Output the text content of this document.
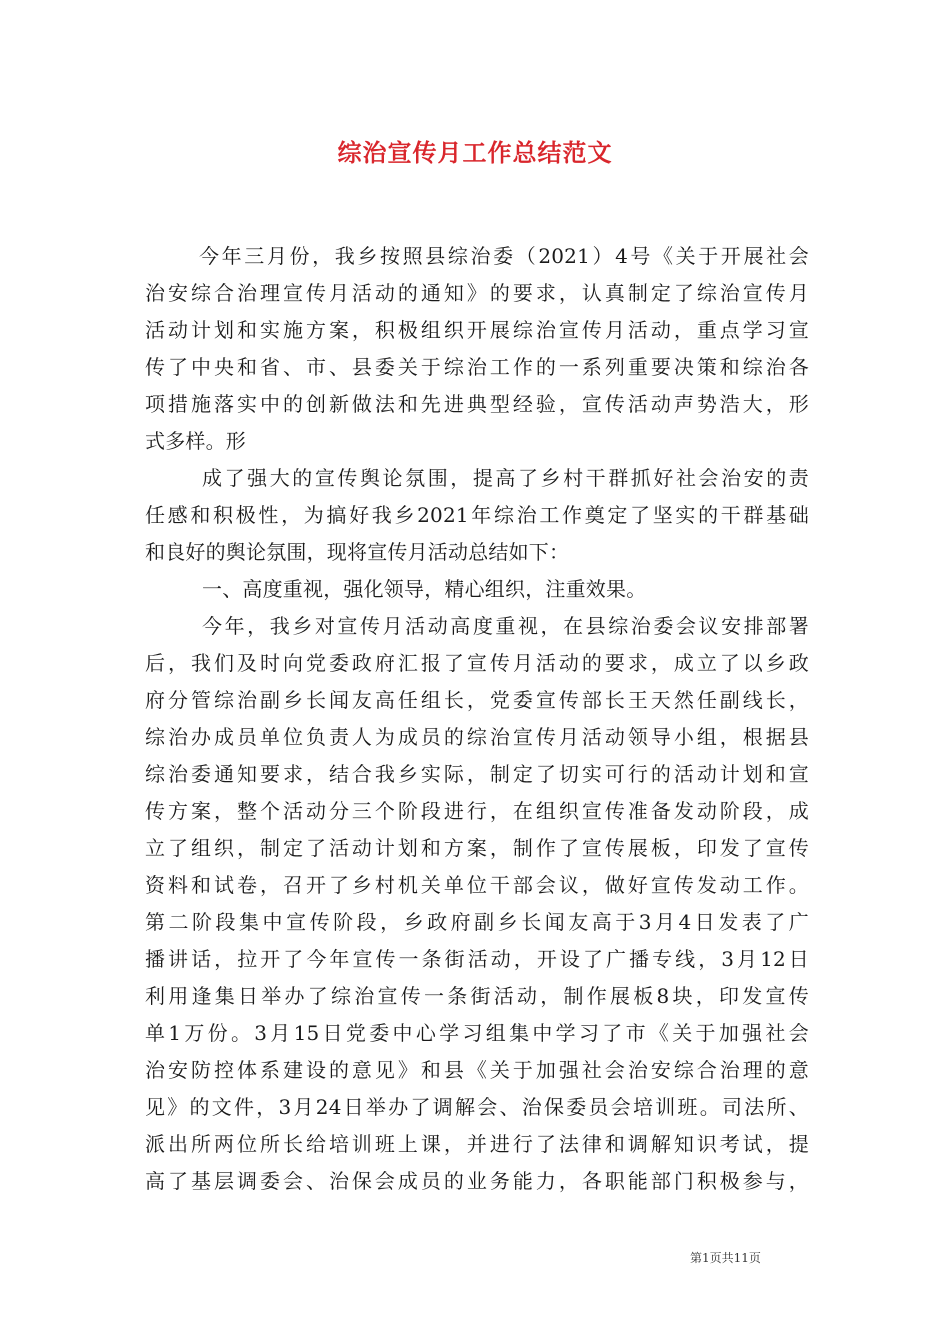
综治宣传月工作总结范文
今年三月份，我乡按照县综治委（2021）4号《关于开展社会
治安综合治理宣传月活动的通知》的要求，认真制定了综治宣传月
活动计划和实施方案，积极组织开展综治宣传月活动，重点学习宣
传了中央和省、市、县委关于综治工作的一系列重要决策和综治各
项措施落实中的创新做法和先进典型经验，宣传活动声势浩大，形
式多样。形
成了强大的宣传舆论氛围，提高了乡村干群抓好社会治安的责
任感和积极性，为搞好我乡2021年综治工作奠定了坚实的干群基础
和良好的舆论氛围，现将宣传月活动总结如下：
一、高度重视，强化领导，精心组织，注重效果。
今年，我乡对宣传月活动高度重视，在县综治委会议安排部署
后，我们及时向党委政府汇报了宣传月活动的要求，成立了以乡政
府分管综治副乡长闻友高任组长，党委宣传部长王天然任副线长，
综治办成员单位负责人为成员的综治宣传月活动领导小组，根据县
综治委通知要求，结合我乡实际，制定了切实可行的活动计划和宣
传方案，整个活动分三个阶段进行，在组织宣传准备发动阶段，成
立了组织，制定了活动计划和方案，制作了宣传展板，印发了宣传
资料和试卷，召开了乡村机关单位干部会议，做好宣传发动工作。
第二阶段集中宣传阶段，乡政府副乡长闻友高于3月4日发表了广
播讲话，拉开了今年宣传一条街活动，开设了广播专线，3月12日
利用逢集日举办了综治宣传一条街活动，制作展板8块，印发宣传
单1万份。3月15日党委中心学习组集中学习了市《关于加强社会
治安防控体系建设的意见》和县《关于加强社会治安综合治理的意
见》的文件，3月24日举办了调解会、治保委员会培训班。司法所、
派出所两位所长给培训班上课，并进行了法律和调解知识考试，提
高了基层调委会、治保会成员的业务能力，各职能部门积极参与，
第1页共11页
